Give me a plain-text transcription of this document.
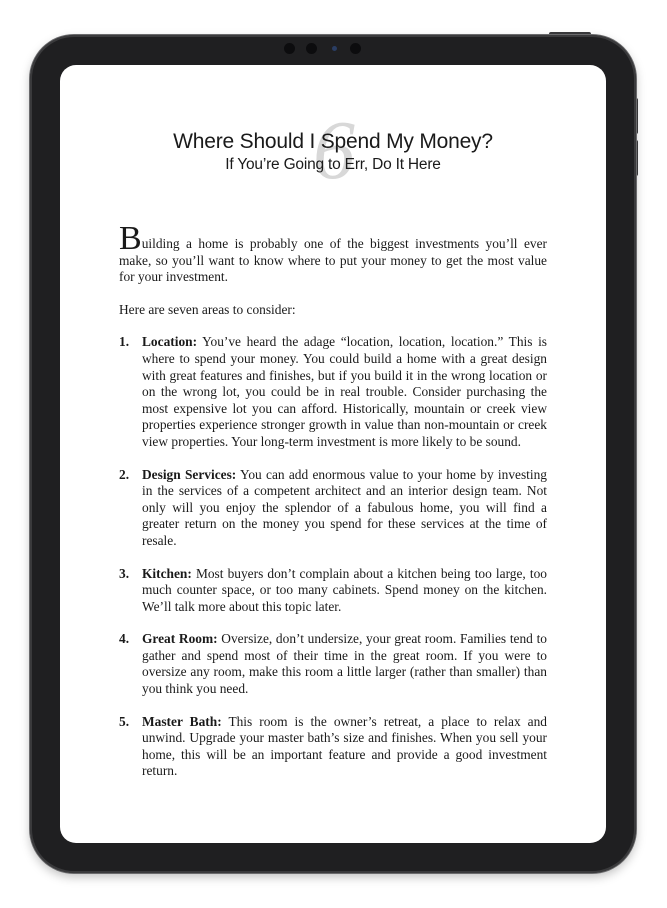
6
Where Should I Spend My Money?

If You’re Going to Err, Do It Here

Building a home is probably one of the biggest investments you’ll ever make, so you’ll want to know where to put your money to get the most value for your investment.

Here are seven areas to consider:

1. Location: You’ve heard the adage “location, location, location.” This is where to spend your money. You could build a home with a great design with great features and finishes, but if you build it in the wrong location or on the wrong lot, you could be in real trouble. Consider purchasing the most expensive lot you can afford. Historically, mountain or creek view properties experience stronger growth in value than non-mountain or creek view properties. Your long-term investment is more likely to be sound.
2. Design Services: You can add enormous value to your home by investing in the services of a competent architect and an interior design team. Not only will you enjoy the splendor of a fabulous home, you will find a greater return on the money you spend for these services at the time of resale.
3. Kitchen: Most buyers don’t complain about a kitchen being too large, too much counter space, or too many cabinets. Spend money on the kitchen. We’ll talk more about this topic later.
4. Great Room: Oversize, don’t undersize, your great room. Families tend to gather and spend most of their time in the great room. If you were to oversize any room, make this room a little larger (rather than smaller) than you think you need.
5. Master Bath: This room is the owner’s retreat, a place to relax and unwind. Upgrade your master bath’s size and finishes. When you sell your home, this will be an important feature and provide a good investment return.
